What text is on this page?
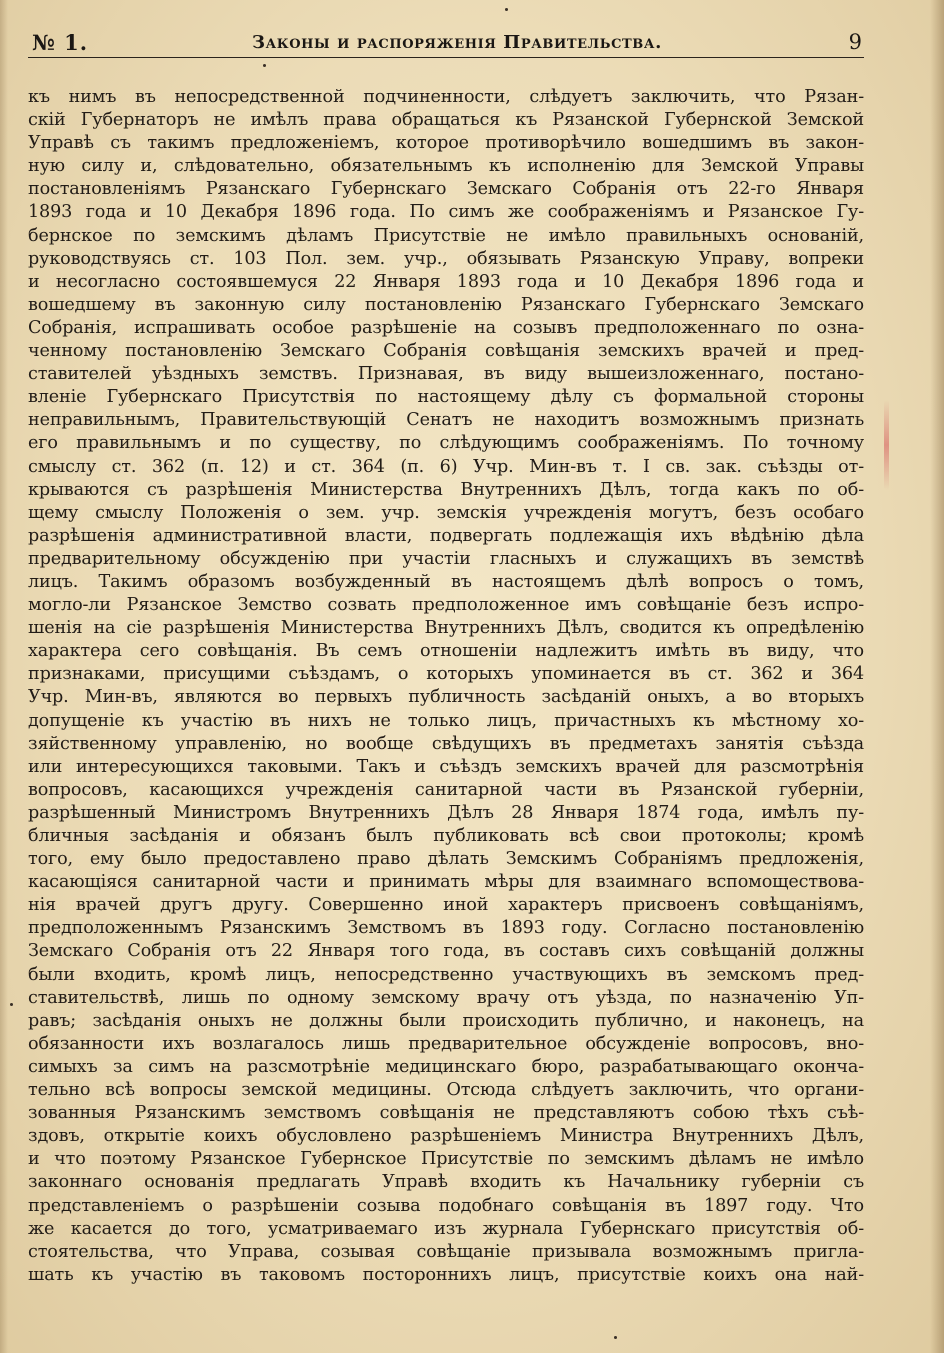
№ 1.	Законы и распоряженія Правительства.	9
къ нимъ въ непосредственной подчиненности, слѣдуетъ заключить, что Рязан-
скій Губернаторъ не имѣлъ права обращаться къ Рязанской Губернской Земской
Управѣ съ такимъ предложеніемъ, которое противорѣчило вошедшимъ въ закон-
ную силу и, слѣдовательно, обязательнымъ къ исполненію для Земской Управы
постановленіямъ Рязанскаго Губернскаго Земскаго Собранія отъ 22-го Января
1893 года и 10 Декабря 1896 года. По симъ же соображеніямъ и Рязанское Гу-
бернское по земскимъ дѣламъ Присутствіе не имѣло правильныхъ основаній,
руководствуясь ст. 103 Пол. зем. учр., обязывать Рязанскую Управу, вопреки
и несогласно состоявшемуся 22 Января 1893 года и 10 Декабря 1896 года и
вошедшему въ законную силу постановленію Рязанскаго Губернскаго Земскаго
Собранія, испрашивать особое разрѣшеніе на созывъ предположеннаго по озна-
ченному постановленію Земскаго Собранія совѣщанія земскихъ врачей и пред-
ставителей уѣздныхъ земствъ. Признавая, въ виду вышеизложеннаго, постано-
вленіе Губернскаго Присутствія по настоящему дѣлу съ формальной стороны
неправильнымъ, Правительствующій Сенатъ не находитъ возможнымъ признать
его правильнымъ и по существу, по слѣдующимъ соображеніямъ. По точному
смыслу ст. 362 (п. 12) и ст. 364 (п. 6) Учр. Мин-въ т. I св. зак. съѣзды от-
крываются съ разрѣшенія Министерства Внутреннихъ Дѣлъ, тогда какъ по об-
щему смыслу Положенія о зем. учр. земскія учрежденія могутъ, безъ особаго
разрѣшенія административной власти, подвергать подлежащія ихъ вѣдѣнію дѣла
предварительному обсужденію при участіи гласныхъ и служащихъ въ земствѣ
лицъ. Такимъ образомъ возбужденный въ настоящемъ дѣлѣ вопросъ о томъ,
могло-ли Рязанское Земство созвать предположенное имъ совѣщаніе безъ испро-
шенія на сіе разрѣшенія Министерства Внутреннихъ Дѣлъ, сводится къ опредѣленію
характера сего совѣщанія. Въ семъ отношеніи надлежитъ имѣть въ виду, что
признаками, присущими съѣздамъ, о которыхъ упоминается въ ст. 362 и 364
Учр. Мин-въ, являются во первыхъ публичность засѣданій оныхъ, а во вторыхъ
допущеніе къ участію въ нихъ не только лицъ, причастныхъ къ мѣстному хо-
зяйственному управленію, но вообще свѣдущихъ въ предметахъ занятія съѣзда
или интересующихся таковыми. Такъ и съѣздъ земскихъ врачей для разсмотрѣнія
вопросовъ, касающихся учрежденія санитарной части въ Рязанской губерніи,
разрѣшенный Министромъ Внутреннихъ Дѣлъ 28 Января 1874 года, имѣлъ пу-
бличныя засѣданія и обязанъ былъ публиковать всѣ свои протоколы; кромѣ
того, ему было предоставлено право дѣлать Земскимъ Собраніямъ предложенія,
касающіяся санитарной части и принимать мѣры для взаимнаго вспомоществова-
нія врачей другъ другу. Совершенно иной характеръ присвоенъ совѣщаніямъ,
предположеннымъ Рязанскимъ Земствомъ въ 1893 году. Согласно постановленію
Земскаго Собранія отъ 22 Января того года, въ составъ сихъ совѣщаній должны
были входить, кромѣ лицъ, непосредственно участвующихъ въ земскомъ пред-
ставительствѣ, лишь по одному земскому врачу отъ уѣзда, по назначенію Уп-
равъ; засѣданія оныхъ не должны были происходить публично, и наконецъ, на
обязанности ихъ возлагалось лишь предварительное обсужденіе вопросовъ, вно-
симыхъ за симъ на разсмотрѣніе медицинскаго бюро, разрабатывающаго оконча-
тельно всѣ вопросы земской медицины. Отсюда слѣдуетъ заключить, что органи-
зованныя Рязанскимъ земствомъ совѣщанія не представляютъ собою тѣхъ съѣ-
здовъ, открытіе коихъ обусловлено разрѣшеніемъ Министра Внутреннихъ Дѣлъ,
и что поэтому Рязанское Губернское Присутствіе по земскимъ дѣламъ не имѣло
законнаго основанія предлагать Управѣ входить къ Начальнику губерніи съ
представленіемъ о разрѣшеніи созыва подобнаго совѣщанія въ 1897 году. Что
же касается до того, усматриваемаго изъ журнала Губернскаго присутствія об-
стоятельства, что Управа, созывая совѣщаніе призывала возможнымъ пригла-
шать къ участію въ таковомъ постороннихъ лицъ, присутствіе коихъ она най-
